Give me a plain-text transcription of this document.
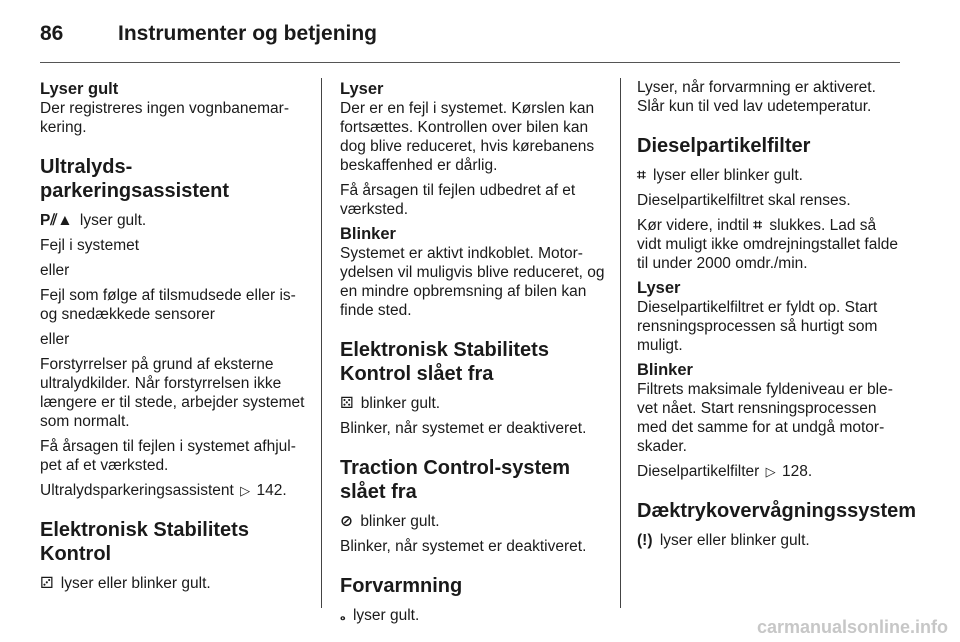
86	Instrumenter og betjening
Lyser gult

Der registreres ingen vognbanemarkering.

Ultralyds-parkeringsassistent

P⫽▲ lyser gult.

Fejl i systemet

eller

Fejl som følge af tilsmudsede eller is- og snedækkede sensorer

eller

Forstyrrelser på grund af eksterne ultralydkilder. Når forstyrrelsen ikke længere er til stede, arbejder systemet som normalt.

Få årsagen til fejlen i systemet afhjulpet af et værksted.

Ultralydsparkeringsassistent ▷ 142.

Elektronisk Stabilitets Kontrol

⚂ lyser eller blinker gult.

Lyser

Der er en fejl i systemet. Kørslen kan fortsættes. Kontrollen over bilen kan dog blive reduceret, hvis kørebanens beskaffenhed er dårlig.

Få årsagen til fejlen udbedret af et værksted.

Blinker

Systemet er aktivt indkoblet. Motorydelsen vil muligvis blive reduceret, og en mindre opbremsning af bilen kan finde sted.

Elektronisk Stabilitets Kontrol slået fra

⚄ blinker gult.

Blinker, når systemet er deaktiveret.

Traction Control-system slået fra

⊘ blinker gult.

Blinker, når systemet er deaktiveret.

Forvarmning

૰ lyser gult.

Lyser, når forvarmning er aktiveret. Slår kun til ved lav udetemperatur.

Dieselpartikelfilter

⌗ lyser eller blinker gult.

Dieselpartikelfiltret skal renses.

Kør videre, indtil ⌗ slukkes. Lad så vidt muligt ikke omdrejningstallet falde til under 2000 omdr./min.

Lyser

Dieselpartikelfiltret er fyldt op. Start rensningsprocessen så hurtigt som muligt.

Blinker

Filtrets maksimale fyldeniveau er blevet nået. Start rensningsprocessen med det samme for at undgå motorskader.

Dieselpartikelfilter ▷ 128.

Dæktrykovervågningssystem

(!) lyser eller blinker gult.

carmanualsonline.info
